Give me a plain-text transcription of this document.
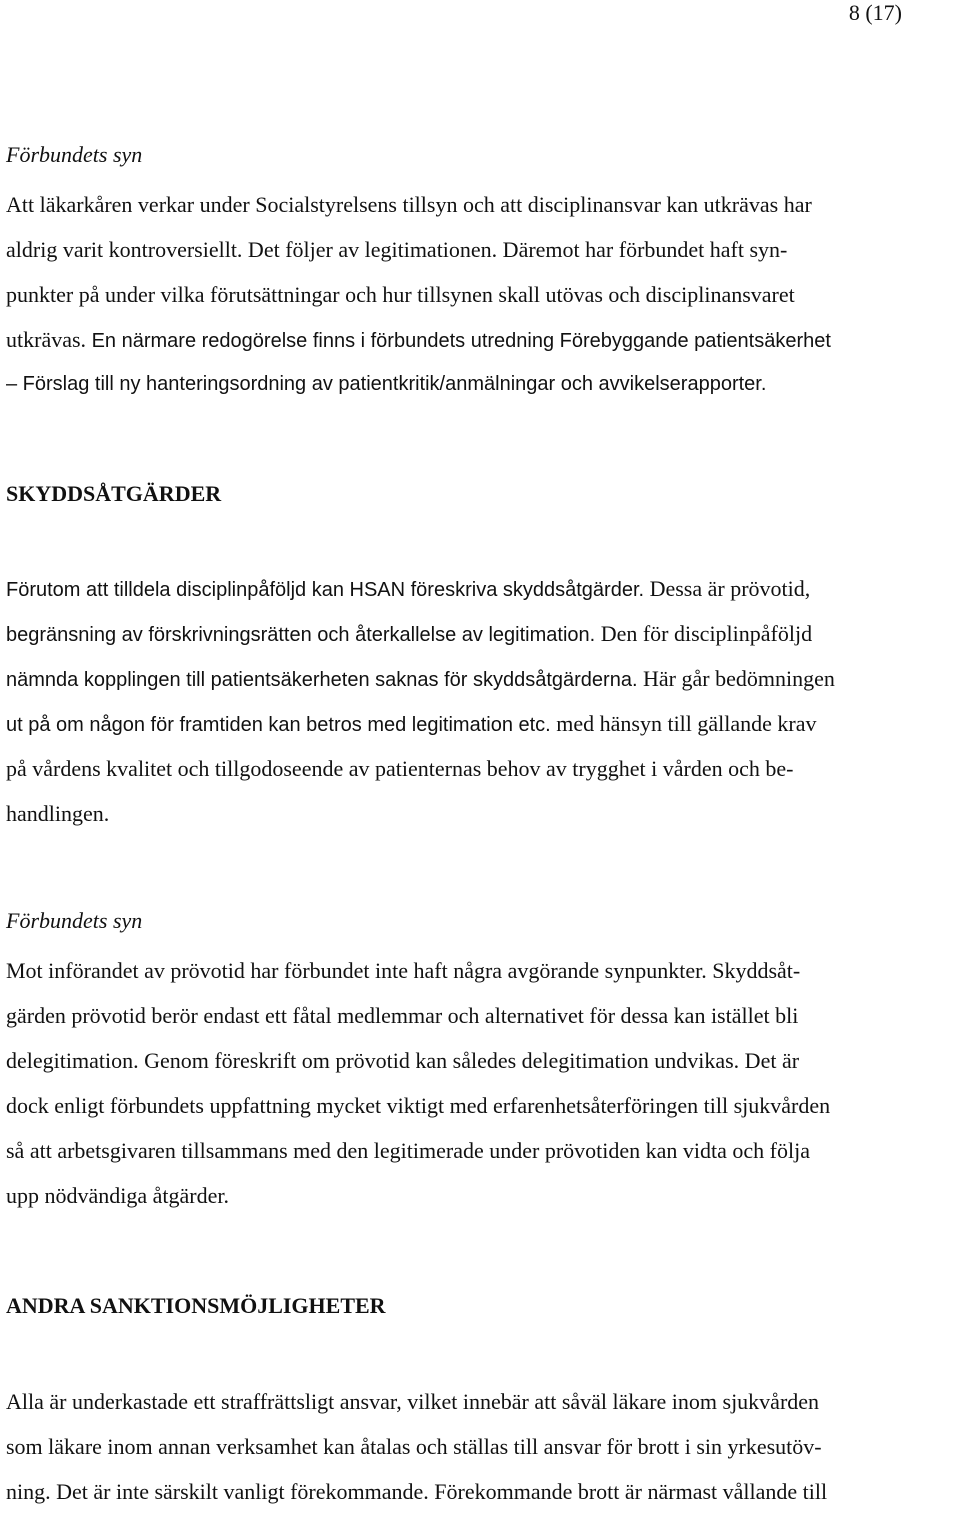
8 (17)
Förbundets syn
Att läkarkåren verkar under Socialstyrelsens tillsyn och att disciplinansvar kan utkrävas har
aldrig varit kontroversiellt. Det följer av legitimationen. Däremot har förbundet haft syn-
punkter på under vilka förutsättningar och hur tillsynen skall utövas och disciplinansvaret
utkrävas. En närmare redogörelse finns i förbundets utredning Förebyggande patientsäkerhet
– Förslag till ny hanteringsordning av patientkritik/anmälningar och avvikelserapporter.
SKYDDSÅTGÄRDER
Förutom att tilldela disciplinpåföljd kan HSAN föreskriva skyddsåtgärder. Dessa är prövotid,
begränsning av förskrivningsrätten och återkallelse av legitimation. Den för disciplinpåföljd
nämnda kopplingen till patientsäkerheten saknas för skyddsåtgärderna. Här går bedömningen
ut på om någon för framtiden kan betros med legitimation etc. med hänsyn till gällande krav
på vårdens kvalitet och tillgodoseende av patienternas behov av trygghet i vården och be-
handlingen.
Förbundets syn
Mot införandet av prövotid har förbundet inte haft några avgörande synpunkter. Skyddsåt-
gärden prövotid berör endast ett fåtal medlemmar och alternativet för dessa kan istället bli
delegitimation. Genom föreskrift om prövotid kan således delegitimation undvikas. Det är
dock enligt förbundets uppfattning mycket viktigt med erfarenhetsåterföringen till sjukvården
så att arbetsgivaren tillsammans med den legitimerade under prövotiden kan vidta och följa
upp nödvändiga åtgärder.
ANDRA SANKTIONSMÖJLIGHETER
Alla är underkastade ett straffrättsligt ansvar, vilket innebär att såväl läkare inom sjukvården
som läkare inom annan verksamhet kan åtalas och ställas till ansvar för brott i sin yrkesutöv-
ning. Det är inte särskilt vanligt förekommande. Förekommande brott är närmast vållande till
